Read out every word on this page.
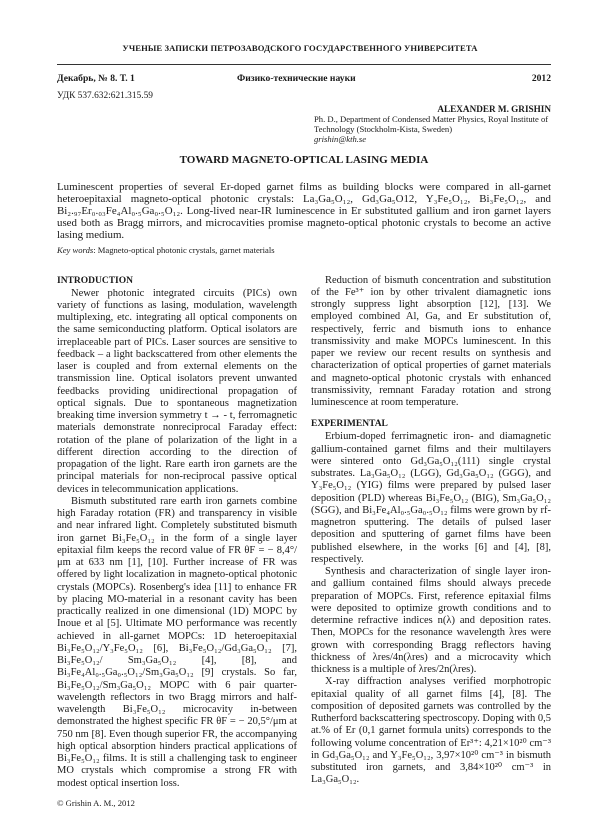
УЧЕНЫЕ ЗАПИСКИ ПЕТРОЗАВОДСКОГО ГОСУДАРСТВЕННОГО УНИВЕРСИТЕТА
Декабрь, № 8. Т. 1	Физико-технические науки	2012
УДК 537.632:621.315.59
ALEXANDER M. GRISHIN
Ph. D., Department of Condensed Matter Physics, Royal Institute of Technology (Stockholm-Kista, Sweden)
grishin@kth.se
TOWARD MAGNETO-OPTICAL LASING MEDIA
Luminescent properties of several Er-doped garnet films as building blocks were compared in all-garnet heteroepitaxial magneto-optical photonic crystals: La₃Ga₅O₁₂, Gd₃Ga₅O12, Y₃Fe₅O₁₂, Bi₃Fe₅O₁₂, and Bi₂.₉₇Er₀.₀₃Fe₄Al₀.₅Ga₀.₅O₁₂. Long-lived near-IR luminescence in Er substituted gallium and iron garnet layers used both as Bragg mirrors, and microcavities promise magneto-optical photonic crystals to become an active lasing medium.
Key words: Magneto-optical photonic crystals, garnet materials
INTRODUCTION

Newer photonic integrated circuits (PICs) own variety of functions as lasing, modulation, wavelength multiplexing, etc. integrating all optical components on the same semiconducting platform. Optical isolators are irreplaceable part of PICs. Laser sources are sensitive to feedback – a light backscattered from other elements the laser is coupled and from external elements on the transmission line. Optical isolators prevent unwanted feedbacks providing unidirectional propagation of optical signals. Due to spontaneous magnetization breaking time inversion symmetry t → - t, ferromagnetic materials demonstrate nonreciprocal Faraday effect: rotation of the plane of polarization of the light in a different direction according to the direction of propagation of the light. Rare earth iron garnets are the principal materials for non-reciprocal passive optical devices in telecommunication applications.

Bismuth substituted rare earth iron garnets combine high Faraday rotation (FR) and transparency in visible and near infrared light. Completely substituted bismuth iron garnet Bi₃Fe₅O₁₂ in the form of a single layer epitaxial film keeps the record value of FR θF = − 8,4°/μm at 633 nm [1], [10]. Further increase of FR was offered by light localization in magneto-optical photonic crystals (MOPCs). Rosenberg's idea [11] to enhance FR by placing MO-material in a resonant cavity has been practically realized in one dimensional (1D) MOPC by Inoue et al [5]. Ultimate MO performance was recently achieved in all-garnet MOPCs: 1D heteroepitaxial Bi₃Fe₅O₁₂/Y₃Fe₅O₁₂ [6], Bi₃Fe₅O₁₂/Gd₃Ga₅O₁₂ [7], Bi₃Fe₅O₁₂/ Sm₃Ga₅O₁₂ [4], [8], and Bi₃Fe₄Al₀.₅Ga₀.₅O₁₂/Sm₃Ga₅O₁₂ [9] crystals. So far, Bi₃Fe₅O₁₂/Sm₃Ga₅O₁₂ MOPC with 6 pair quarter-wavelength reflectors in two Bragg mirrors and half-wavelength Bi₃Fe₅O₁₂ microcavity in-between demonstrated the highest specific FR θF = − 20,5°/μm at 750 nm [8]. Even though superior FR, the accompanying high optical absorption hinders practical applications of Bi₃Fe₅O₁₂ films. It is still a challenging task to engineer MO crystals which compromise a strong FR with modest optical insertion loss.

© Grishin A. M., 2012

Reduction of bismuth concentration and substitution of the Fe³⁺ ion by other trivalent diamagnetic ions strongly suppress light absorption [12], [13]. We employed combined Al, Ga, and Er substitution of, respectively, ferric and bismuth ions to enhance transmissivity and make MOPCs luminescent. In this paper we review our recent results on synthesis and characterization of optical properties of garnet materials and magneto-optical photonic crystals with enhanced transmissivity, remnant Faraday rotation and strong luminescence at room temperature.

EXPERIMENTAL

Erbium-doped ferrimagnetic iron- and diamagnetic gallium-contained garnet films and their multilayers were sintered onto Gd₃Ga₅O₁₂(111) single crystal substrates. La₃Ga₅O₁₂ (LGG), Gd₃Ga₅O₁₂ (GGG), and Y₃Fe₅O₁₂ (YIG) films were prepared by pulsed laser deposition (PLD) whereas Bi₃Fe₅O₁₂ (BIG), Sm₃Ga₅O₁₂ (SGG), and Bi₃Fe₄Al₀.₅Ga₀.₅O₁₂ films were grown by rf-magnetron sputtering. The details of pulsed laser deposition and sputtering of garnet films have been published elsewhere, in the works [6] and [4], [8], respectively.

Synthesis and characterization of single layer iron- and gallium contained films should always precede preparation of MOPCs. First, reference epitaxial films were deposited to optimize growth conditions and to determine refractive indices n(λ) and deposition rates. Then, MOPCs for the resonance wavelength λres were grown with corresponding Bragg reflectors having thickness of λres/4n(λres) and a microcavity which thickness is a multiple of λres/2n(λres).

X-ray diffraction analyses verified morphotropic epitaxial quality of all garnet films [4], [8]. The composition of deposited garnets was controlled by the Rutherford backscattering spectroscopy. Doping with 0,5 at.% of Er (0,1 garnet formula units) corresponds to the following volume concentration of Er³⁺: 4,21×10²⁰ cm⁻³ in Gd₃Ga₅O₁₂ and Y₃Fe₅O₁₂, 3,97×10²⁰ cm⁻³ in bismuth substituted iron garnets, and 3,84×10²⁰ cm⁻³ in La₃Ga₅O₁₂.
